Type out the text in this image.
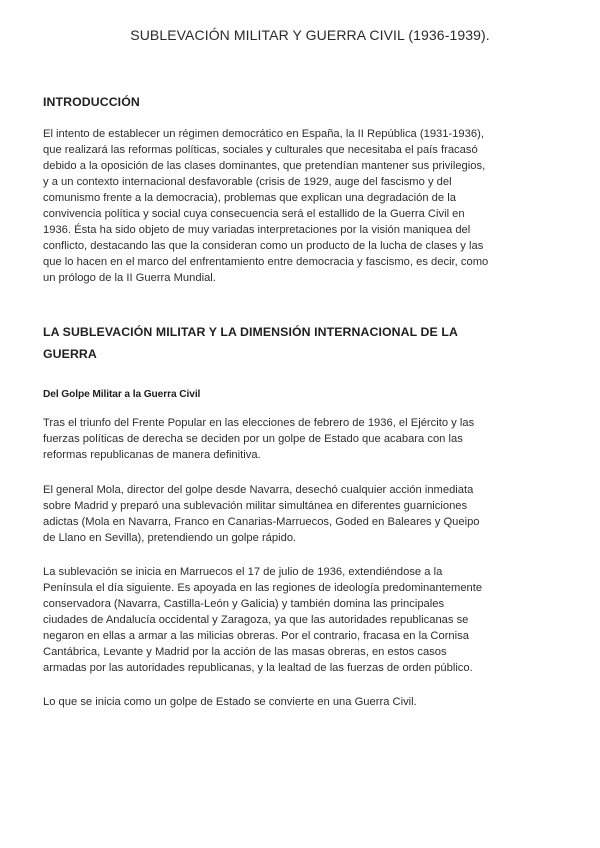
SUBLEVACIÓN MILITAR Y GUERRA CIVIL (1936-1939).
INTRODUCCIÓN
El intento de establecer un régimen democrático en España, la II República (1931-1936),
que realizará las reformas políticas, sociales y culturales que necesitaba el país fracasó
debido a la oposición de las clases dominantes, que pretendían mantener sus privilegios,
y a un contexto internacional desfavorable (crisis de 1929, auge del fascismo y del
comunismo frente a la democracia), problemas que explican una degradación de la
convivencia política y social cuya consecuencia será el estallido de la Guerra Civil en
1936. Ésta ha sido objeto de muy variadas interpretaciones por la visión maniquea del
conflicto, destacando las que la consideran como un producto de la lucha de clases y las
que lo hacen en el marco del enfrentamiento entre democracia y fascismo, es decir, como
un prólogo de la II Guerra Mundial.
LA SUBLEVACIÓN MILITAR Y LA DIMENSIÓN INTERNACIONAL DE LA
GUERRA
Del Golpe Militar a la Guerra Civil
Tras el triunfo del Frente Popular en las elecciones de febrero de 1936, el Ejército y las
fuerzas políticas de derecha se deciden por un golpe de Estado que acabara con las
reformas republicanas de manera definitiva.
El general Mola, director del golpe desde Navarra, desechó cualquier acción inmediata
sobre Madrid y preparó una sublevación militar simultánea en diferentes guarniciones
adictas (Mola en Navarra, Franco en Canarias-Marruecos, Goded en Baleares y Queipo
de Llano en Sevilla), pretendiendo un golpe rápido.
La sublevación se inicia en Marruecos el 17 de julio de 1936, extendiéndose a la
Península el día siguiente. Es apoyada en las regiones de ideología predominantemente
conservadora (Navarra, Castilla-León y Galicia) y también domina las principales
ciudades de Andalucía occidental y Zaragoza, ya que las autoridades republicanas se
negaron en ellas a armar a las milicias obreras. Por el contrario, fracasa en la Cornisa
Cantábrica, Levante y Madrid por la acción de las masas obreras, en estos casos
armadas por las autoridades republicanas, y la lealtad de las fuerzas de orden público.
Lo que se inicia como un golpe de Estado se convierte en una Guerra Civil.
